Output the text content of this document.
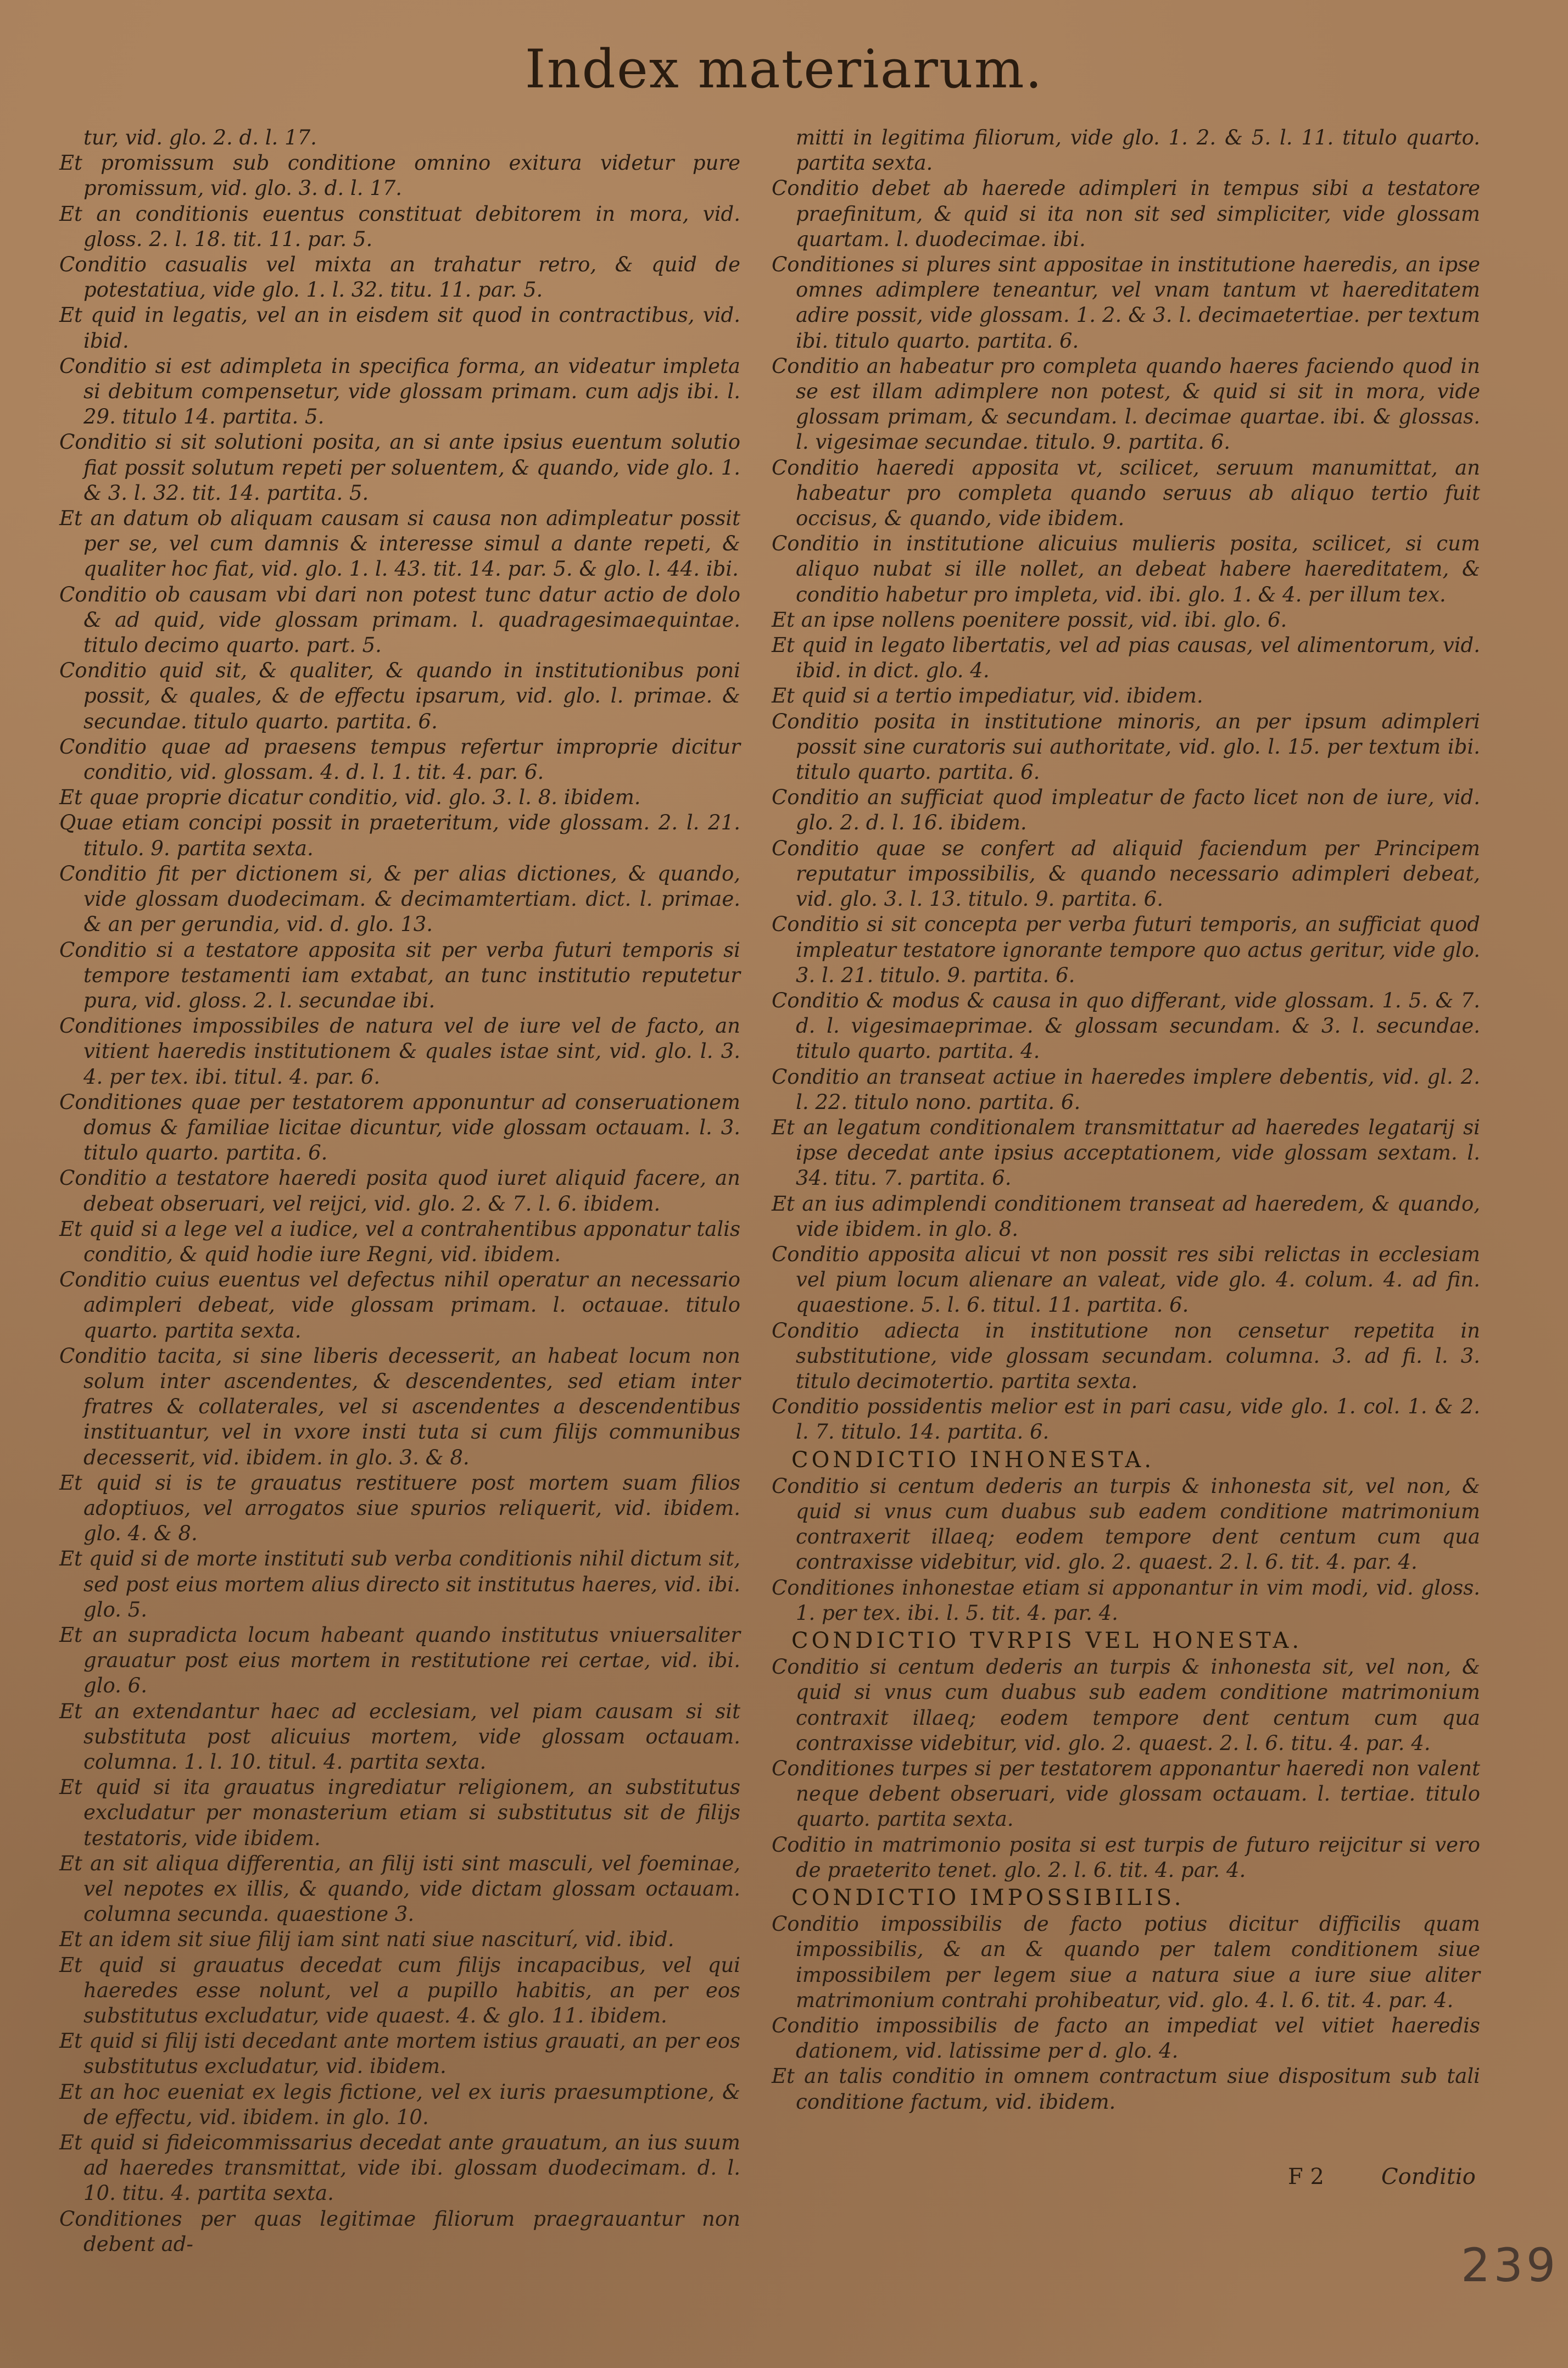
Index materiarum.

tur, vid. glo. 2. d. l. 17.

Et promissum sub conditione omnino exitura videtur pure promissum, vid. glo. 3. d. l. 17.

Et an conditionis euentus constituat debitorem in mora, vid. gloss. 2. l. 18. tit. 11. par. 5.

Conditio casualis vel mixta an trahatur retro, & quid de potestatiua, vide glo. 1. l. 32. titu. 11. par. 5.

Et quid in legatis, vel an in eisdem sit quod in contractibus, vid. ibid.

Conditio si est adimpleta in specifica forma, an videatur impleta si debitum compensetur, vide glossam primam. cum adjs ibi. l. 29. titulo 14. partita. 5.

Conditio si sit solutioni posita, an si ante ipsius euentum solutio fiat possit solutum repeti per soluentem, & quando, vide glo. 1. & 3. l. 32. tit. 14. partita. 5.

Et an datum ob aliquam causam si causa non adimpleatur possit per se, vel cum damnis & interesse simul a dante repeti, & qualiter hoc fiat, vid. glo. 1. l. 43. tit. 14. par. 5. & glo. l. 44. ibi.

Conditio ob causam vbi dari non potest tunc datur actio de dolo & ad quid, vide glossam primam. l. quadragesimaequintae. titulo decimo quarto. part. 5.

Conditio quid sit, & qualiter, & quando in institutionibus poni possit, & quales, & de effectu ipsarum, vid. glo. l. primae. & secundae. titulo quarto. partita. 6.

Conditio quae ad praesens tempus refertur improprie dicitur conditio, vid. glossam. 4. d. l. 1. tit. 4. par. 6.

Et quae proprie dicatur conditio, vid. glo. 3. l. 8. ibidem.

Quae etiam concipi possit in praeteritum, vide glossam. 2. l. 21. titulo. 9. partita sexta.

Conditio fit per dictionem si, & per alias dictiones, & quando, vide glossam duodecimam. & decimamtertiam. dict. l. primae. & an per gerundia, vid. d. glo. 13.

Conditio si a testatore apposita sit per verba futuri temporis si tempore testamenti iam extabat, an tunc institutio reputetur pura, vid. gloss. 2. l. secundae ibi.

Conditiones impossibiles de natura vel de iure vel de facto, an vitient haeredis institutionem & quales istae sint, vid. glo. l. 3. 4. per tex. ibi. titul. 4. par. 6.

Conditiones quae per testatorem apponuntur ad conseruationem domus & familiae licitae dicuntur, vide glossam octauam. l. 3. titulo quarto. partita. 6.

Conditio a testatore haeredi posita quod iuret aliquid facere, an debeat obseruari, vel reijci, vid. glo. 2. & 7. l. 6. ibidem.

Et quid si a lege vel a iudice, vel a contrahentibus apponatur talis conditio, & quid hodie iure Regni, vid. ibidem.

Conditio cuius euentus vel defectus nihil operatur an necessario adimpleri debeat, vide glossam primam. l. octauae. titulo quarto. partita sexta.

Conditio tacita, si sine liberis decesserit, an habeat locum non solum inter ascendentes, & descendentes, sed etiam inter fratres & collaterales, vel si ascendentes a descendentibus instituantur, vel in vxore insti tuta si cum filijs communibus decesserit, vid. ibidem. in glo. 3. & 8.

Et quid si is te grauatus restituere post mortem suam filios adoptiuos, vel arrogatos siue spurios reliquerit, vid. ibidem. glo. 4. & 8.

Et quid si de morte instituti sub verba conditionis nihil dictum sit, sed post eius mortem alius directo sit institutus haeres, vid. ibi. glo. 5.

Et an supradicta locum habeant quando institutus vniuersaliter grauatur post eius mortem in restitutione rei certae, vid. ibi. glo. 6.

Et an extendantur haec ad ecclesiam, vel piam causam si sit substituta post alicuius mortem, vide glossam octauam. columna. 1. l. 10. titul. 4. partita sexta.

Et quid si ita grauatus ingrediatur religionem, an substitutus excludatur per monasterium etiam si substitutus sit de filijs testatoris, vide ibidem.

Et an sit aliqua differentia, an filij isti sint masculi, vel foeminae, vel nepotes ex illis, & quando, vide dictam glossam octauam. columna secunda. quaestione 3.

Et an idem sit siue filij iam sint nati siue nasciturí, vid. ibid.

Et quid si grauatus decedat cum filijs incapacibus, vel qui haeredes esse nolunt, vel a pupillo habitis, an per eos substitutus excludatur, vide quaest. 4. & glo. 11. ibidem.

Et quid si filij isti decedant ante mortem istius grauati, an per eos substitutus excludatur, vid. ibidem.

Et an hoc eueniat ex legis fictione, vel ex iuris praesumptione, & de effectu, vid. ibidem. in glo. 10.

Et quid si fideicommissarius decedat ante grauatum, an ius suum ad haeredes transmittat, vide ibi. glossam duodecimam. d. l. 10. titu. 4. partita sexta.

Conditiones per quas legitimae filiorum praegrauantur non debent ad-

mitti in legitima filiorum, vide glo. 1. 2. & 5. l. 11. titulo quarto. partita sexta.

Conditio debet ab haerede adimpleri in tempus sibi a testatore praefinitum, & quid si ita non sit sed simpliciter, vide glossam quartam. l. duodecimae. ibi.

Conditiones si plures sint appositae in institutione haeredis, an ipse omnes adimplere teneantur, vel vnam tantum vt haereditatem adire possit, vide glossam. 1. 2. & 3. l. decimaetertiae. per textum ibi. titulo quarto. partita. 6.

Conditio an habeatur pro completa quando haeres faciendo quod in se est illam adimplere non potest, & quid si sit in mora, vide glossam primam, & secundam. l. decimae quartae. ibi. & glossas. l. vigesimae secundae. titulo. 9. partita. 6.

Conditio haeredi apposita vt, scilicet, seruum manumittat, an habeatur pro completa quando seruus ab aliquo tertio fuit occisus, & quando, vide ibidem.

Conditio in institutione alicuius mulieris posita, scilicet, si cum aliquo nubat si ille nollet, an debeat habere haereditatem, & conditio habetur pro impleta, vid. ibi. glo. 1. & 4. per illum tex.

Et an ipse nollens poenitere possit, vid. ibi. glo. 6.

Et quid in legato libertatis, vel ad pias causas, vel alimentorum, vid. ibid. in dict. glo. 4.

Et quid si a tertio impediatur, vid. ibidem.

Conditio posita in institutione minoris, an per ipsum adimpleri possit sine curatoris sui authoritate, vid. glo. l. 15. per textum ibi. titulo quarto. partita. 6.

Conditio an sufficiat quod impleatur de facto licet non de iure, vid. glo. 2. d. l. 16. ibidem.

Conditio quae se confert ad aliquid faciendum per Principem reputatur impossibilis, & quando necessario adimpleri debeat, vid. glo. 3. l. 13. titulo. 9. partita. 6.

Conditio si sit concepta per verba futuri temporis, an sufficiat quod impleatur testatore ignorante tempore quo actus geritur, vide glo. 3. l. 21. titulo. 9. partita. 6.

Conditio & modus & causa in quo differant, vide glossam. 1. 5. & 7. d. l. vigesimaeprimae. & glossam secundam. & 3. l. secundae. titulo quarto. partita. 4.

Conditio an transeat actiue in haeredes implere debentis, vid. gl. 2. l. 22. titulo nono. partita. 6.

Et an legatum conditionalem transmittatur ad haeredes legatarij si ipse decedat ante ipsius acceptationem, vide glossam sextam. l. 34. titu. 7. partita. 6.

Et an ius adimplendi conditionem transeat ad haeredem, & quando, vide ibidem. in glo. 8.

Conditio apposita alicui vt non possit res sibi relictas in ecclesiam vel pium locum alienare an valeat, vide glo. 4. colum. 4. ad fin. quaestione. 5. l. 6. titul. 11. partita. 6.

Conditio adiecta in institutione non censetur repetita in substitutione, vide glossam secundam. columna. 3. ad fi. l. 3. titulo decimotertio. partita sexta.

Conditio possidentis melior est in pari casu, vide glo. 1. col. 1. & 2. l. 7. titulo. 14. partita. 6.

CONDICTIO INHONESTA.

Conditio si centum dederis an turpis & inhonesta sit, vel non, & quid si vnus cum duabus sub eadem conditione matrimonium contraxerit illaeq; eodem tempore dent centum cum qua contraxisse videbitur, vid. glo. 2. quaest. 2. l. 6. tit. 4. par. 4.

Conditiones inhonestae etiam si apponantur in vim modi, vid. gloss. 1. per tex. ibi. l. 5. tit. 4. par. 4.

CONDICTIO TVRPIS VEL HONESTA.

Conditio si centum dederis an turpis & inhonesta sit, vel non, & quid si vnus cum duabus sub eadem conditione matrimonium contraxit illaeq; eodem tempore dent centum cum qua contraxisse videbitur, vid. glo. 2. quaest. 2. l. 6. titu. 4. par. 4.

Conditiones turpes si per testatorem apponantur haeredi non valent neque debent obseruari, vide glossam octauam. l. tertiae. titulo quarto. partita sexta.

Coditio in matrimonio posita si est turpis de futuro reijcitur si vero de praeterito tenet. glo. 2. l. 6. tit. 4. par. 4.

CONDICTIO IMPOSSIBILIS.

Conditio impossibilis de facto potius dicitur difficilis quam impossibilis, & an & quando per talem conditionem siue impossibilem per legem siue a natura siue a iure siue aliter matrimonium contrahi prohibeatur, vid. glo. 4. l. 6. tit. 4. par. 4.

Conditio impossibilis de facto an impediat vel vitiet haeredis dationem, vid. latissime per d. glo. 4.

Et an talis conditio in omnem contractum siue dispositum sub tali conditione factum, vid. ibidem.

F 2	Conditio
239
